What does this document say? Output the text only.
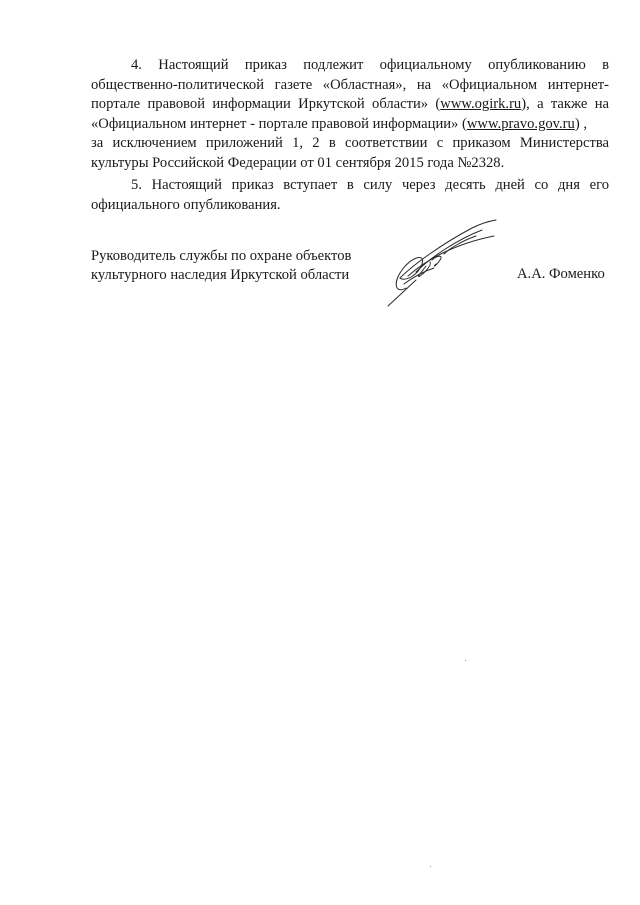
4. Настоящий приказ подлежит официальному опубликованию в
общественно-политической газете «Областная», на «Официальном интернет-
портале правовой информации Иркутской области» (www.ogirk.ru), а также на
«Официальном интернет - портале правовой информации» (www.pravo.gov.ru) ,
за исключением приложений 1, 2 в соответствии с приказом Министерства
культуры Российской Федерации от 01 сентября 2015 года №2328.
5. Настоящий приказ вступает в силу через десять дней со дня его
официального опубликования.
Руководитель службы по охране объектов
культурного наследия Иркутской области	А.А. Фоменко
